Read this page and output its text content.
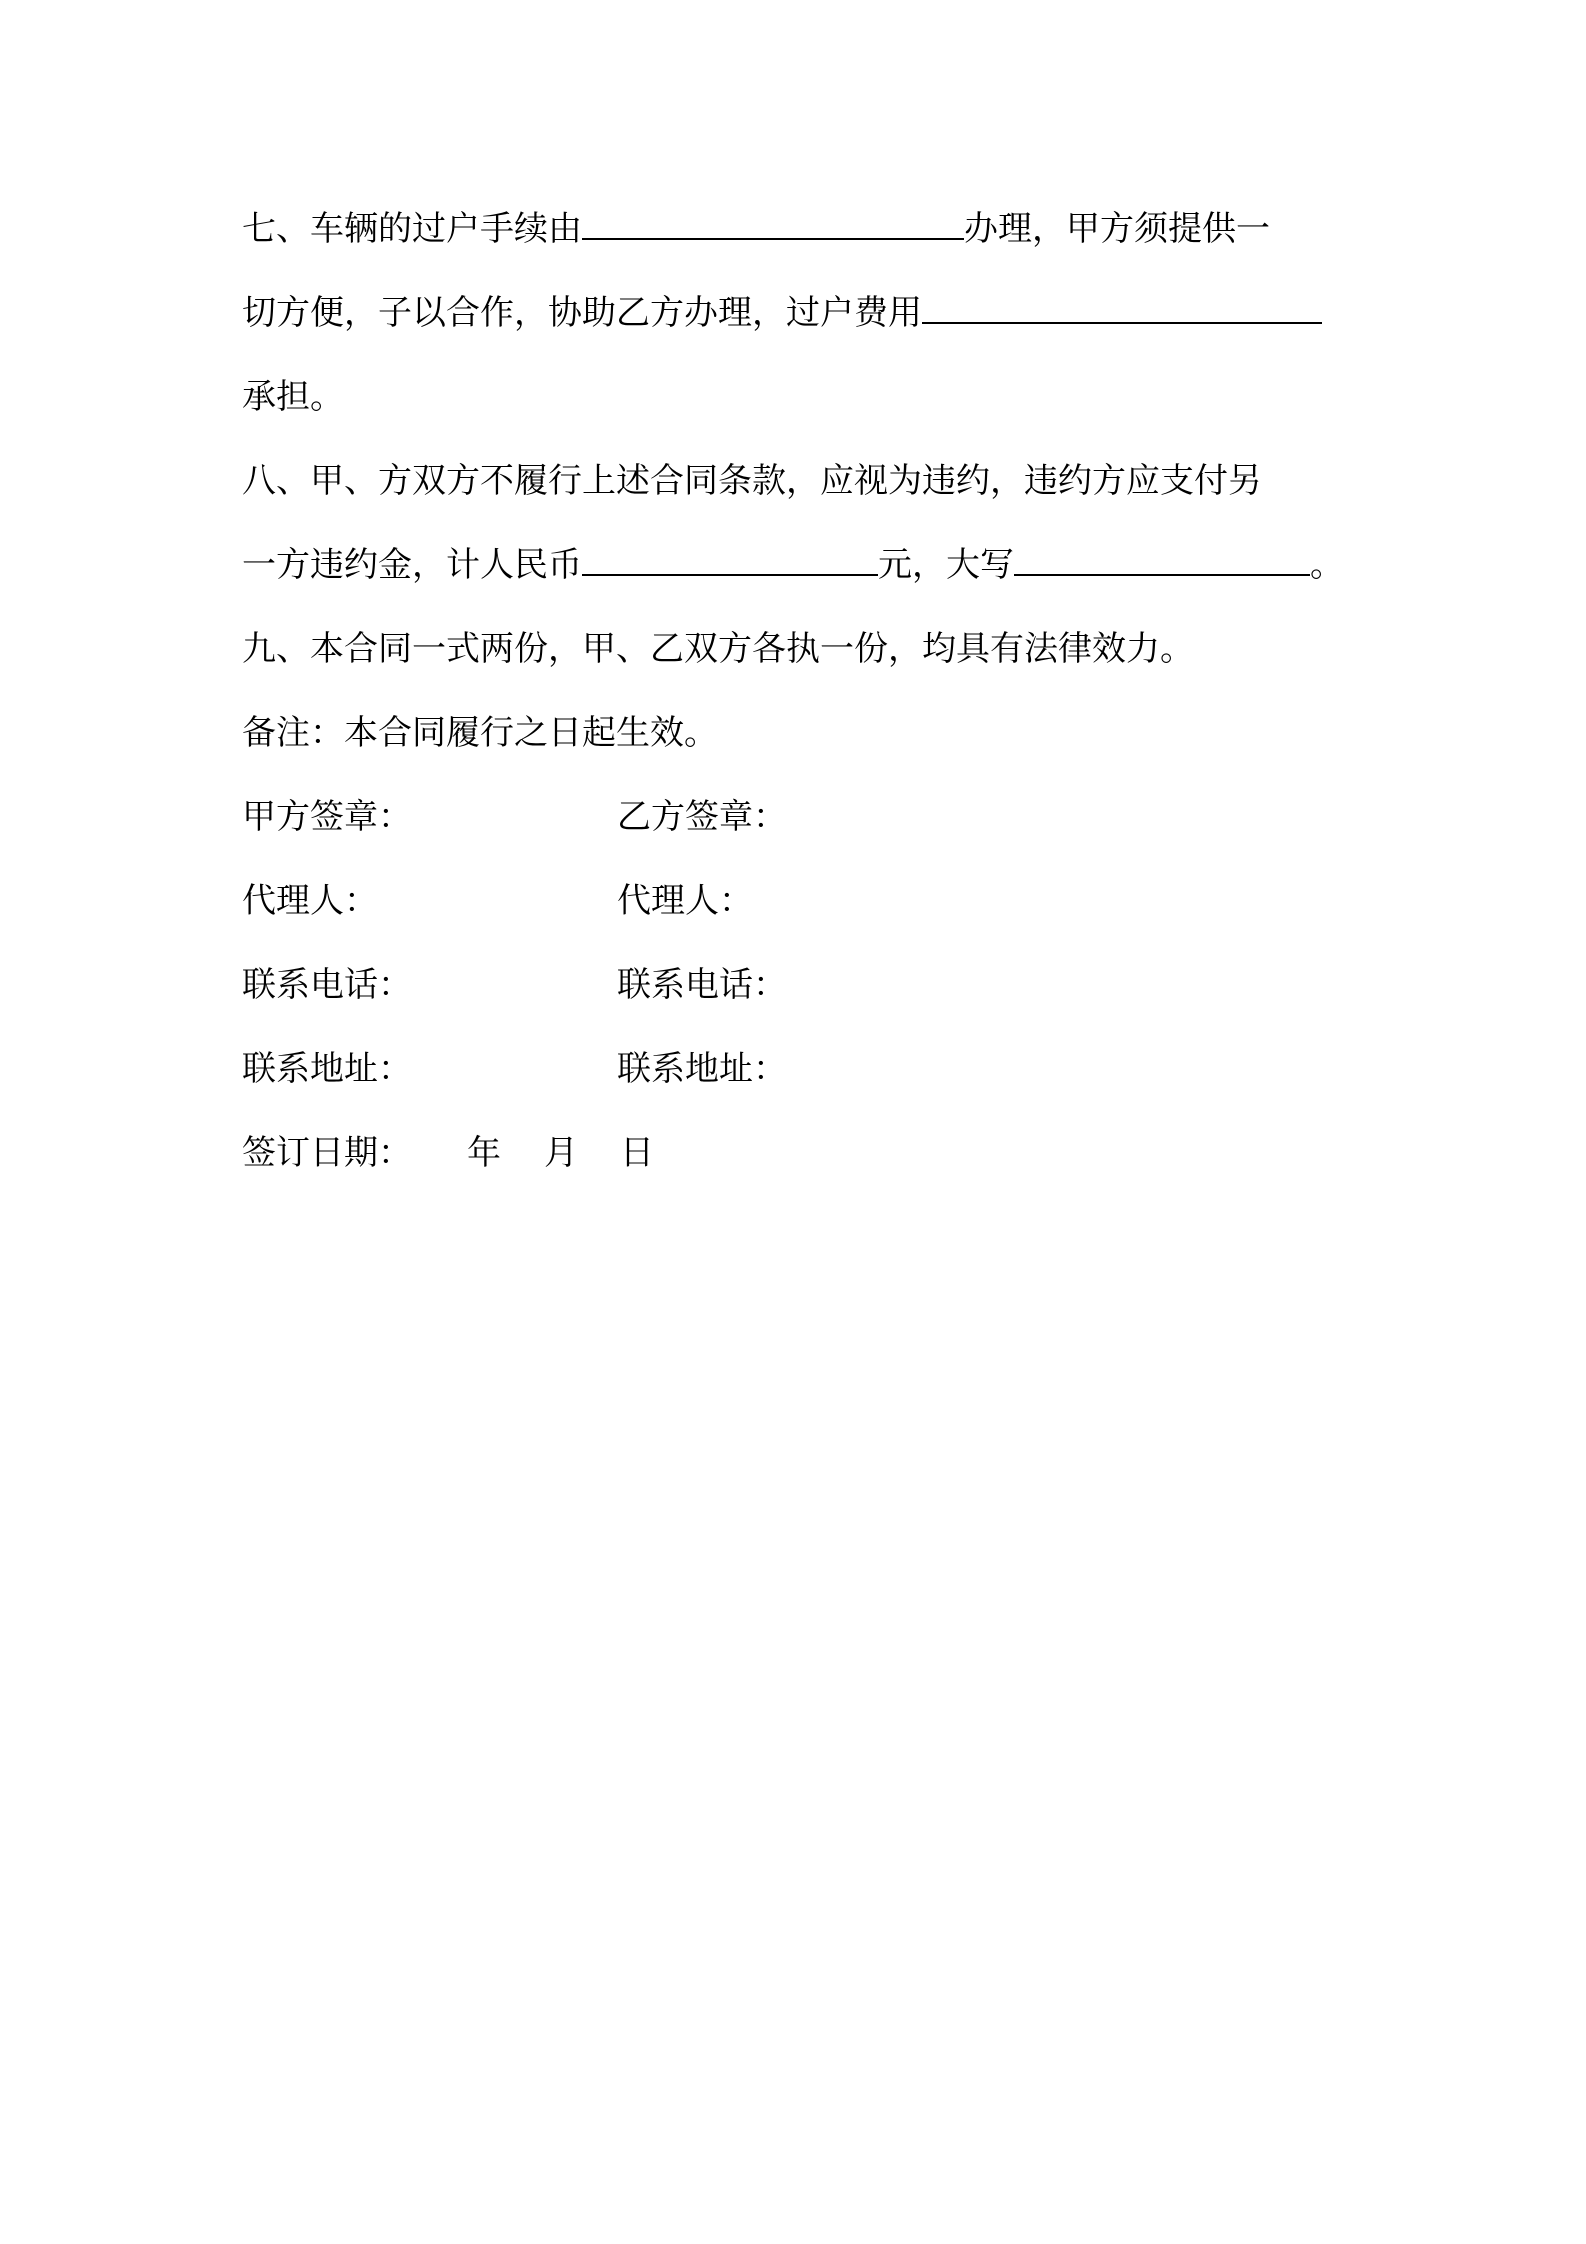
七、车辆的过户手续由	办理，甲方须提供一
切方便，子以合作，协助乙方办理，过户费用
承担。
八、甲、方双方不履行上述合同条款，应视为违约，违约方应支付另
一方违约金，计人民币	元，大写	。
九、本合同一式两份，甲、乙双方各执一份，均具有法律效力。
备注：本合同履行之日起生效。
甲方签章：	乙方签章：
代理人：	代理人：
联系电话：	联系电话：
联系地址：	联系地址：
签订日期： 年 月 日
